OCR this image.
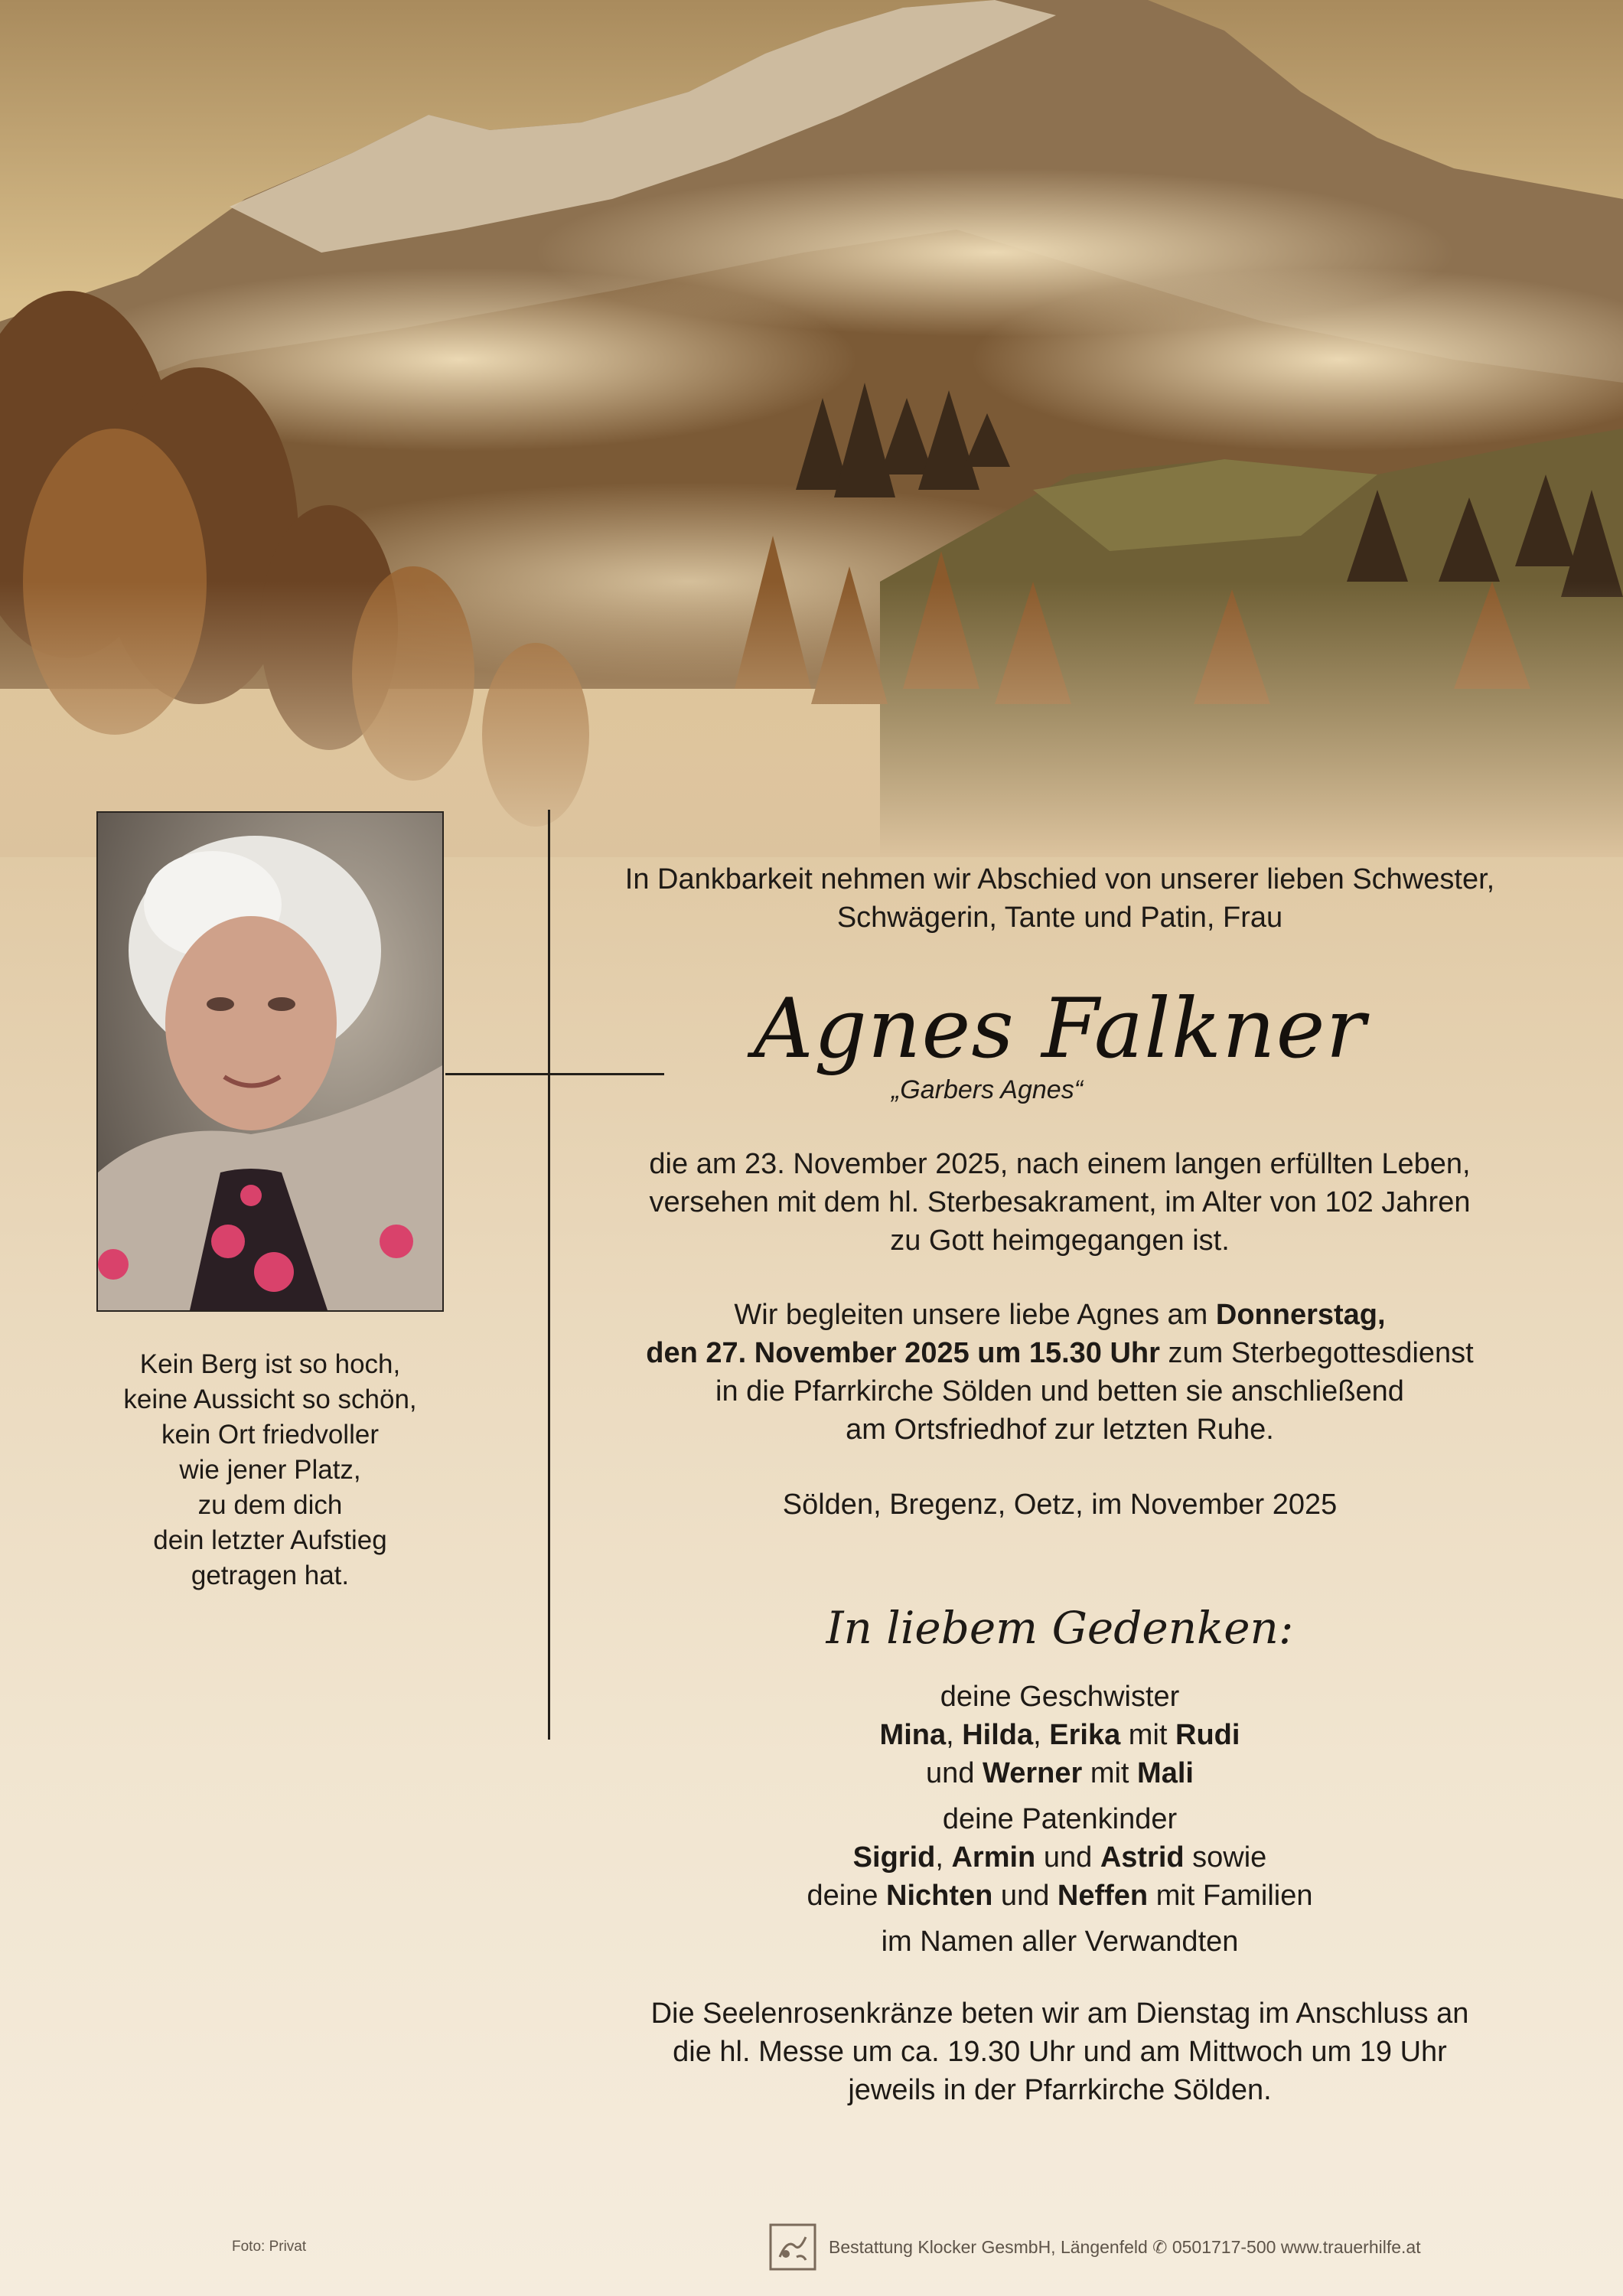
Kein Berg ist so hoch,
keine Aussicht so schön,
kein Ort friedvoller
wie jener Platz,
zu dem dich
dein letzter Aufstieg
getragen hat.
In Dankbarkeit nehmen wir Abschied von unserer lieben Schwester,
Schwägerin, Tante und Patin, Frau
Agnes Falkner
„Garbers Agnes“
die am 23. November 2025, nach einem langen erfüllten Leben,
versehen mit dem hl. Sterbesakrament, im Alter von 102 Jahren
zu Gott heimgegangen ist.
Wir begleiten unsere liebe Agnes am Donnerstag,
den 27. November 2025 um 15.30 Uhr zum Sterbegottesdienst
in die Pfarrkirche Sölden und betten sie anschließend
am Ortsfriedhof zur letzten Ruhe.
Sölden, Bregenz, Oetz, im November 2025
In liebem Gedenken:
deine Geschwister
Mina, Hilda, Erika mit Rudi
und Werner mit Mali
deine Patenkinder
Sigrid, Armin und Astrid sowie
deine Nichten und Neffen mit Familien
im Namen aller Verwandten
Die Seelenrosenkränze beten wir am Dienstag im Anschluss an
die hl. Messe um ca. 19.30 Uhr und am Mittwoch um 19 Uhr
jeweils in der Pfarrkirche Sölden.
Foto: Privat	Bestattung Klocker GesmbH, Längenfeld ✆ 0501717-500 www.trauerhilfe.at
